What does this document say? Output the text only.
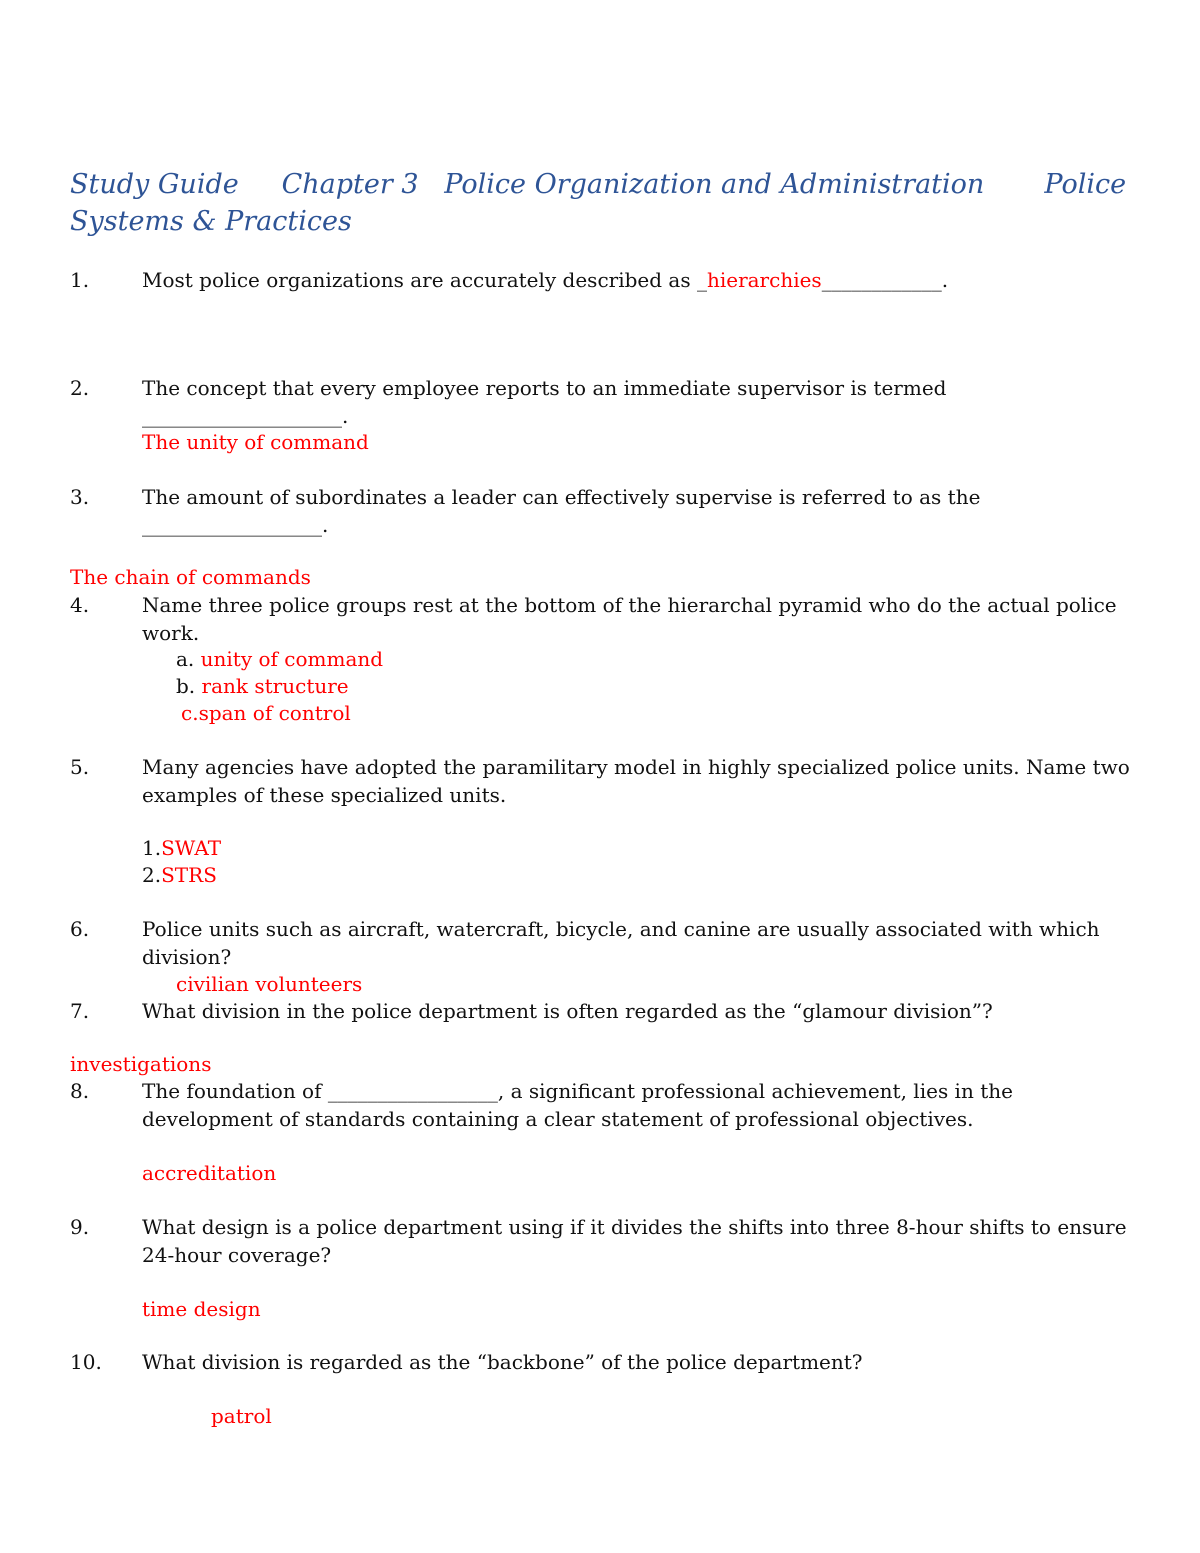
Study Guide     Chapter 3   Police Organization and Administration       Police Systems & Practices
1.	Most police organizations are accurately described as _hierarchies____________.
2.	The concept that every employee reports to an immediate supervisor is termed ____________________.
The unity of command
3.	The amount of subordinates a leader can effectively supervise is referred to as the __________________.
The chain of commands
4.	Name three police groups rest at the bottom of the hierarchal pyramid who do the actual police work.
a. unity of command
b. rank structure
c.span of control
5.	Many agencies have adopted the paramilitary model in highly specialized police units. Name two examples of these specialized units.
1.SWAT
2.STRS
6.	Police units such as aircraft, watercraft, bicycle, and canine are usually associated with which division?
civilian volunteers
7.	What division in the police department is often regarded as the “glamour division”?
investigations
8.	The foundation of _________________, a significant professional achievement, lies in the development of standards containing a clear statement of professional objectives.
accreditation
9.	What design is a police department using if it divides the shifts into three 8-hour shifts to ensure 24-hour coverage?
time design
10. What division is regarded as the “backbone” of the police department?
patrol
